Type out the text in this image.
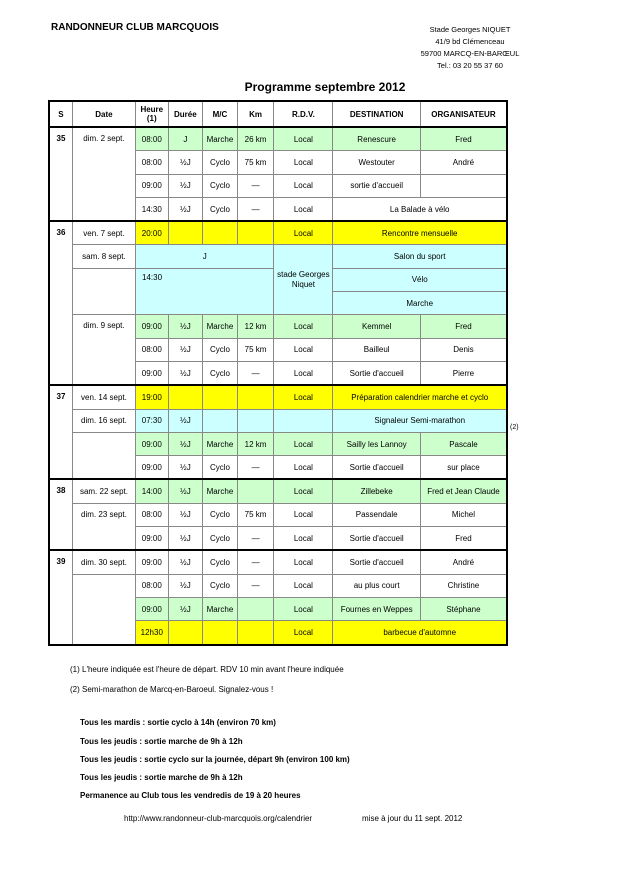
RANDONNEUR CLUB MARCQUOIS	Stade Georges NIQUET
41/9 bd Clémenceau
59700 MARCQ-EN-BARŒUL
Tel.: 03 20 55 37 60
Programme septembre 2012
S	Date	Heure (1)	Durée	M/C	Km	R.D.V.	DESTINATION	ORGANISATEUR
35	dim. 2 sept.	08:00	J	Marche	26 km	Local	Renescure	Fred
		08:00	½J	Cyclo	75 km	Local	Westouter	André
		09:00	½J	Cyclo	—	Local	sortie d'accueil	
		14:30	½J	Cyclo	—	Local	La Balade à vélo	
36	ven. 7 sept.	20:00				Local	Rencontre mensuelle	
	sam. 8 sept.	J				stade Georges Niquet	Salon du sport	
		14:30					Vélo	
							Marche	
	dim. 9 sept.	09:00	½J	Marche	12 km	Local	Kemmel	Fred
		08:00	½J	Cyclo	75 km	Local	Bailleul	Denis
		09:00	½J	Cyclo	—	Local	Sortie d'accueil	Pierre
37	ven. 14 sept.	19:00				Local	Préparation calendrier marche et cyclo	
	dim. 16 sept.	07:30	½J				Signaleur Semi-marathon	
		09:00	½J	Marche	12 km	Local	Sailly les Lannoy	Pascale
		09:00	½J	Cyclo	—	Local	Sortie d'accueil	sur place
38	sam. 22 sept.	14:00	½J	Marche		Local	Zillebeke	Fred et Jean Claude
	dim. 23 sept.	08:00	½J	Cyclo	75 km	Local	Passendale	Michel
		09:00	½J	Cyclo	—	Local	Sortie d'accueil	Fred
39	dim. 30 sept.	09:00	½J	Cyclo	—	Local	Sortie d'accueil	André
		08:00	½J	Cyclo	—	Local	au plus court	Christine
		09:00	½J	Marche		Local	Fournes en Weppes	Stéphane
		12h30				Local	barbecue d'automne	
(2)
(1) L'heure indiquée est l'heure de départ. RDV 10 min avant l'heure indiquée
(2) Semi-marathon de Marcq-en-Baroeul. Signalez-vous !
Tous les mardis : sortie cyclo à 14h (environ 70 km)
Tous les jeudis : sortie marche de 9h à 12h
Tous les jeudis : sortie cyclo sur la journée, départ 9h (environ 100 km)
Tous les jeudis : sortie marche de 9h à 12h
Permanence au Club tous les vendredis de 19 à 20 heures
http://www.randonneur-club-marcquois.org/calendrier	mise à jour du 11 sept. 2012
